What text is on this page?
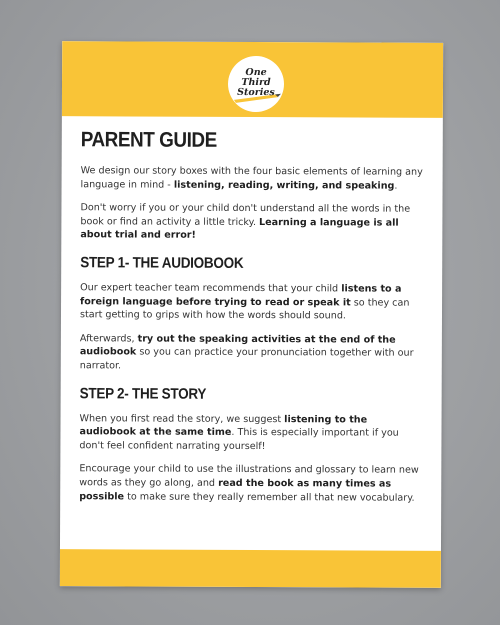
One
Third
Stories
PARENT GUIDE

We design our story boxes with the four basic elements of learning any language in mind - listening, reading, writing, and speaking.

Don't worry if you or your child don't understand all the words in the book or find an activity a little tricky. Learning a language is all about trial and error!

STEP 1- THE AUDIOBOOK

Our expert teacher team recommends that your child listens to a foreign language before trying to read or speak it so they can start getting to grips with how the words should sound.

Afterwards, try out the speaking activities at the end of the audiobook so you can practice your pronunciation together with our narrator.

STEP 2- THE STORY

When you first read the story, we suggest listening to the audiobook at the same time. This is especially important if you don't feel confident narrating yourself!

Encourage your child to use the illustrations and glossary to learn new words as they go along, and read the book as many times as possible to make sure they really remember all that new vocabulary.
